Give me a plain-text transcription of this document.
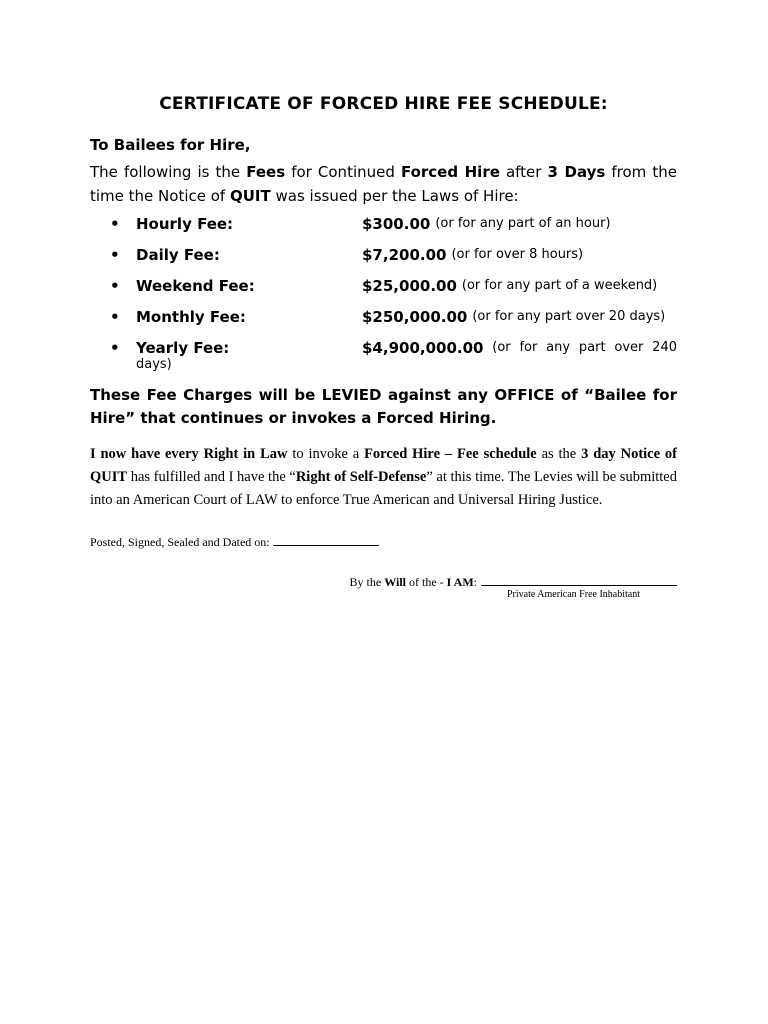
CERTIFICATE OF FORCED HIRE FEE SCHEDULE:
To Bailees for Hire,
The following is the Fees for Continued Forced Hire after 3 Days from the time the Notice of QUIT was issued per the Laws of Hire:
• Hourly Fee:	$300.00 (or for any part of an hour)
• Daily Fee:	$7,200.00 (or for over 8 hours)
• Weekend Fee:	$25,000.00 (or for any part of a weekend)
• Monthly Fee:	$250,000.00 (or for any part over 20 days)
• Yearly Fee:	$4,900,000.00 (or for any part over 240
days)
These Fee Charges will be LEVIED against any OFFICE of “Bailee for Hire” that continues or invokes a Forced Hiring.
I now have every Right in Law to invoke a Forced Hire – Fee schedule as the 3 day Notice of QUIT has fulfilled and I have the “Right of Self-Defense” at this time. The Levies will be submitted into an American Court of LAW to enforce True American and Universal Hiring Justice.
Posted, Signed, Sealed and Dated on:
By the Will of the - I AM:
Private American Free Inhabitant
